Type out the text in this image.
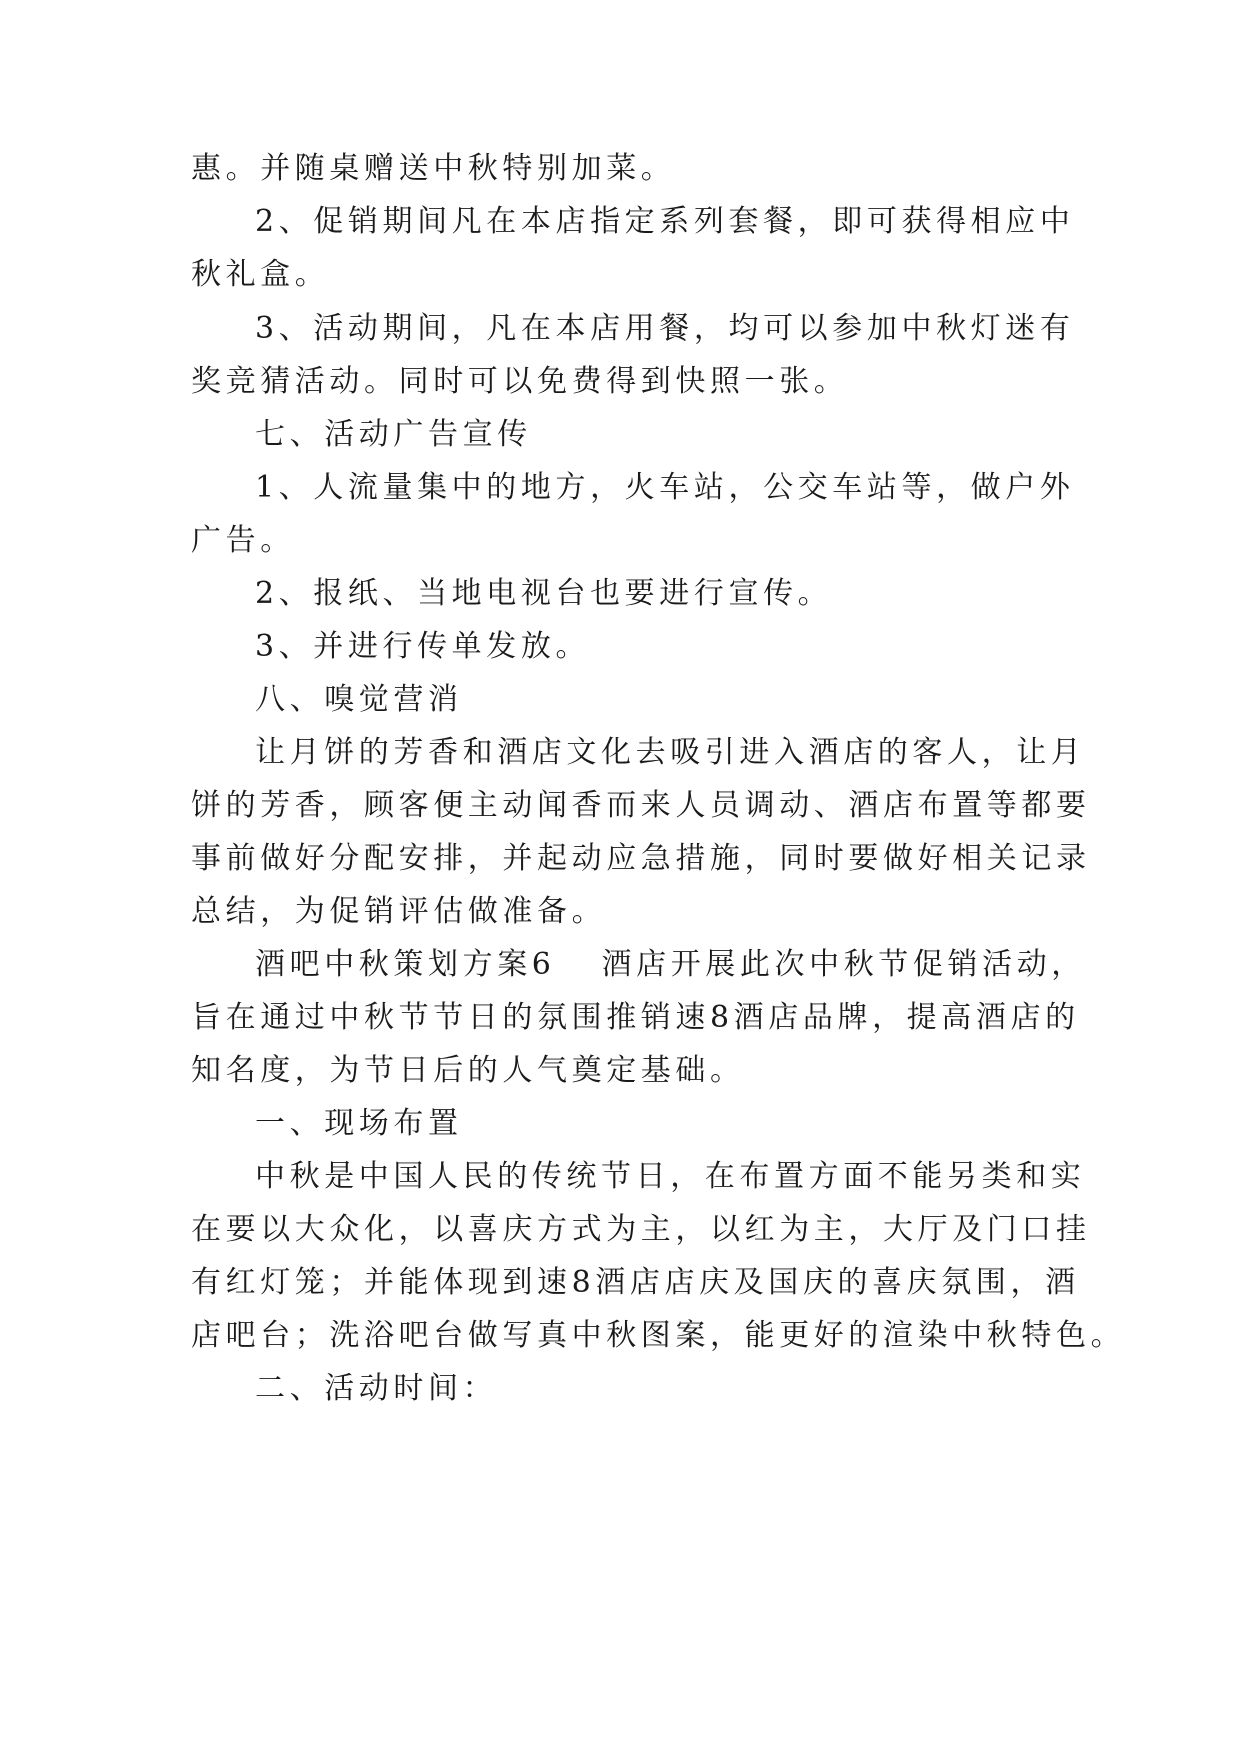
惠。并随桌赠送中秋特别加菜。
2、促销期间凡在本店指定系列套餐，即可获得相应中
秋礼盒。
3、活动期间，凡在本店用餐，均可以参加中秋灯迷有
奖竞猜活动。同时可以免费得到快照一张。
七、活动广告宣传
1、人流量集中的地方，火车站，公交车站等，做户外
广告。
2、报纸、当地电视台也要进行宣传。
3、并进行传单发放。
八、嗅觉营消
让月饼的芳香和酒店文化去吸引进入酒店的客人，让月
饼的芳香，顾客便主动闻香而来人员调动、酒店布置等都要
事前做好分配安排，并起动应急措施，同时要做好相关记录
总结，为促销评估做准备。
酒吧中秋策划方案6 酒店开展此次中秋节促销活动，
旨在通过中秋节节日的氛围推销速8酒店品牌，提高酒店的
知名度，为节日后的人气奠定基础。
一、现场布置
中秋是中国人民的传统节日，在布置方面不能另类和实
在要以大众化，以喜庆方式为主，以红为主，大厅及门口挂
有红灯笼；并能体现到速8酒店店庆及国庆的喜庆氛围，酒
店吧台；洗浴吧台做写真中秋图案，能更好的渲染中秋特色。
二、活动时间：
